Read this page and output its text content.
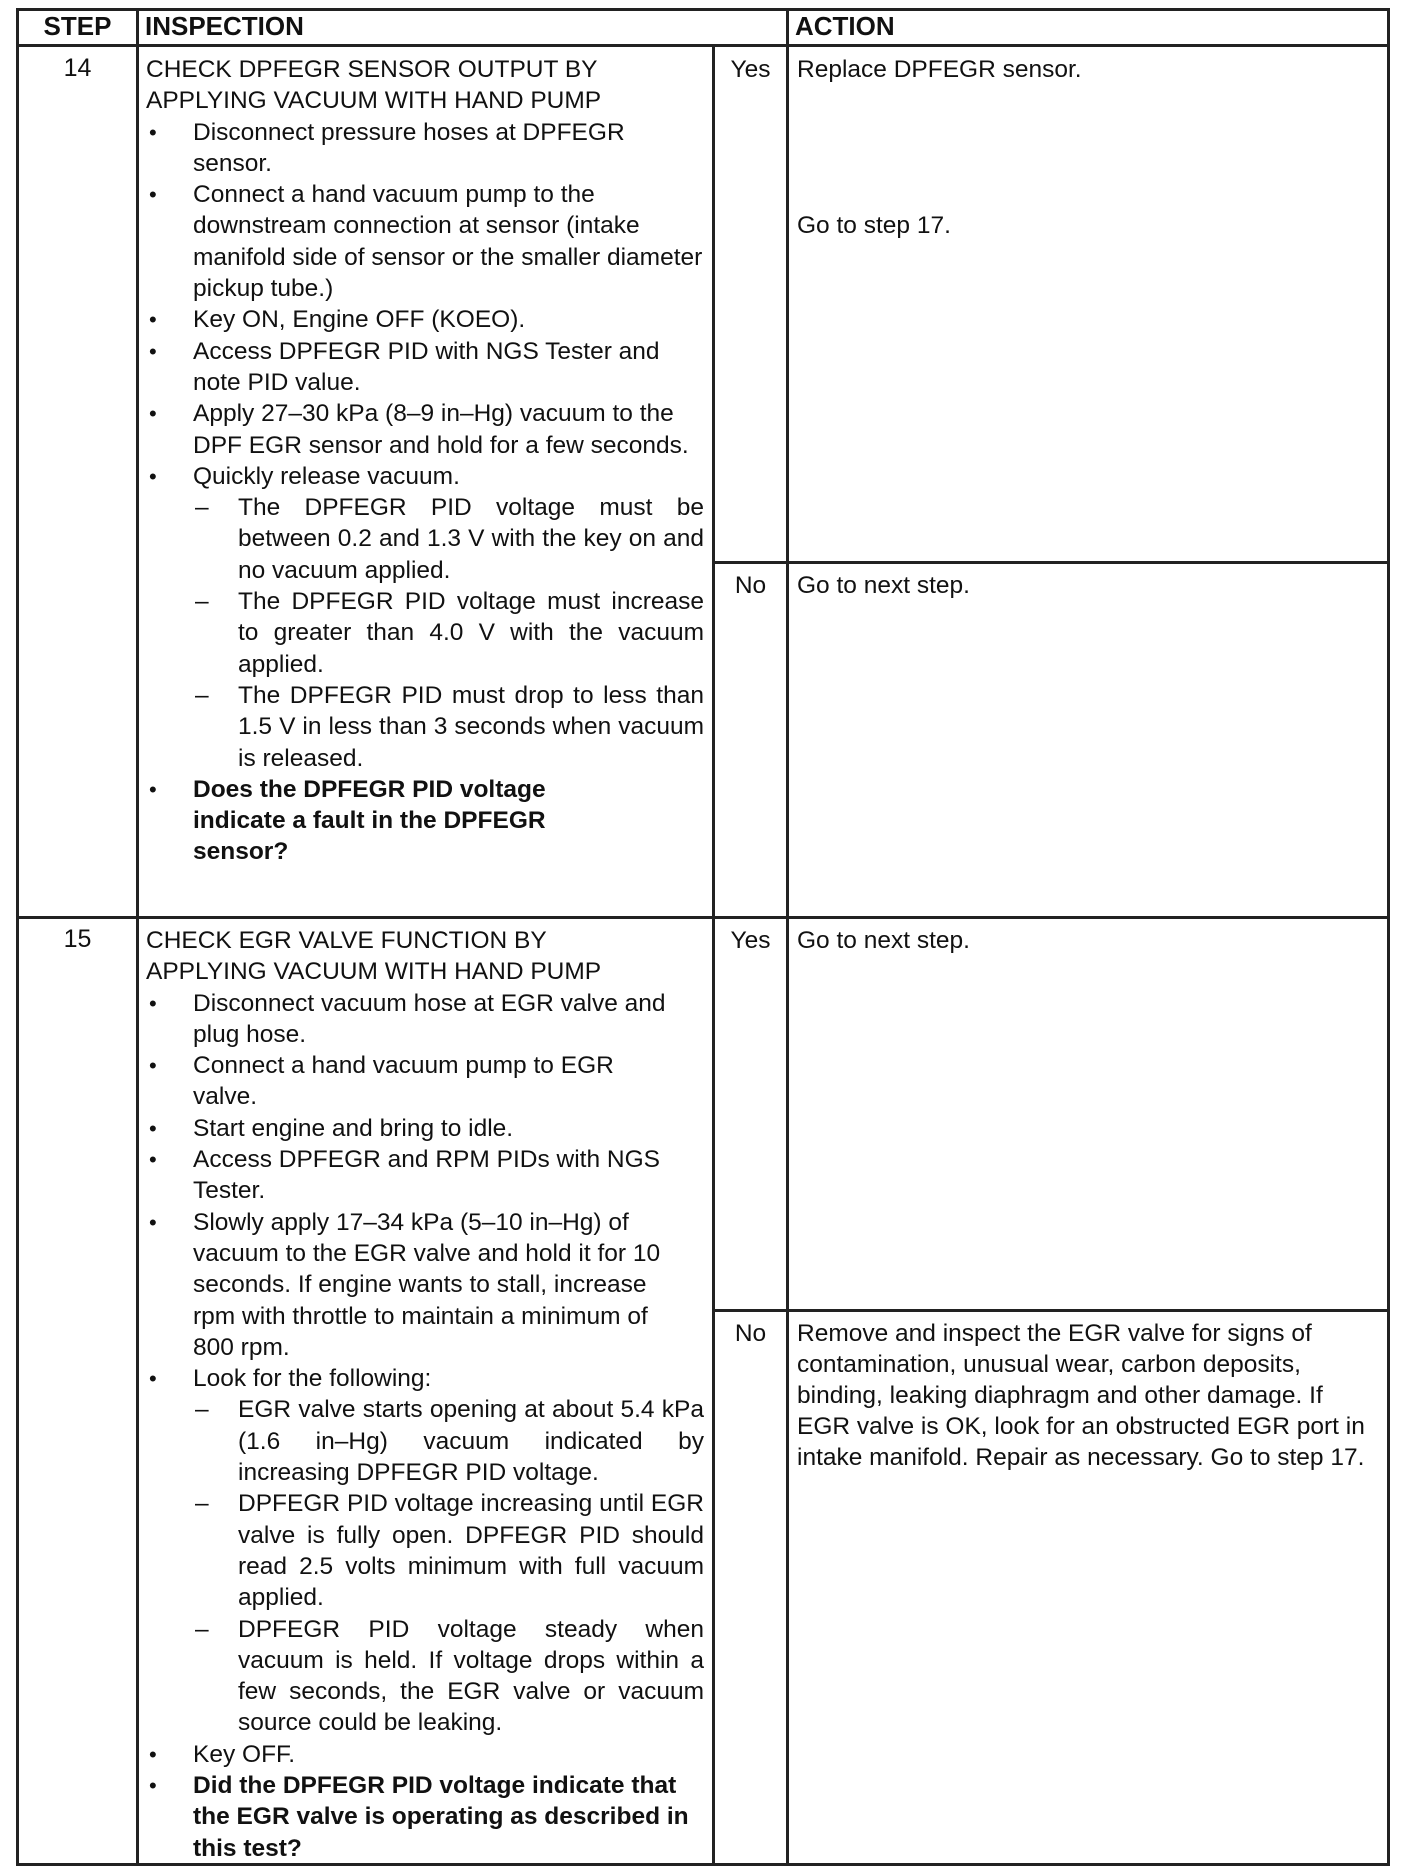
STEP	INSPECTION	ACTION
14	CHECK DPFEGR SENSOR OUTPUT BY APPLYING VACUUM WITH HAND PUMP
• Disconnect pressure hoses at DPFEGR sensor.
• Connect a hand vacuum pump to the downstream connection at sensor (intake manifold side of sensor or the smaller diameter pickup tube.)
• Key ON, Engine OFF (KOEO).
• Access DPFEGR PID with NGS Tester and note PID value.
• Apply 27–30 kPa (8–9 in–Hg) vacuum to the DPF EGR sensor and hold for a few seconds.
• Quickly release vacuum.
– The DPFEGR PID voltage must be between 0.2 and 1.3 V with the key on and no vacuum applied.
– The DPFEGR PID voltage must increase to greater than 4.0 V with the vacuum applied.
– The DPFEGR PID must drop to less than 1.5 V in less than 3 seconds when vacuum is released.
• Does the DPFEGR PID voltage indicate a fault in the DPFEGR sensor?
Yes	Replace DPFEGR sensor.
Go to step 17.
No	Go to next step.
15	CHECK EGR VALVE FUNCTION BY APPLYING VACUUM WITH HAND PUMP
• Disconnect vacuum hose at EGR valve and plug hose.
• Connect a hand vacuum pump to EGR valve.
• Start engine and bring to idle.
• Access DPFEGR and RPM PIDs with NGS Tester.
• Slowly apply 17–34 kPa (5–10 in–Hg) of vacuum to the EGR valve and hold it for 10 seconds. If engine wants to stall, increase rpm with throttle to maintain a minimum of 800 rpm.
• Look for the following:
– EGR valve starts opening at about 5.4 kPa (1.6 in–Hg) vacuum indicated by increasing DPFEGR PID voltage.
– DPFEGR PID voltage increasing until EGR valve is fully open. DPFEGR PID should read 2.5 volts minimum with full vacuum applied.
– DPFEGR PID voltage steady when vacuum is held. If voltage drops within a few seconds, the EGR valve or vacuum source could be leaking.
• Key OFF.
• Did the DPFEGR PID voltage indicate that the EGR valve is operating as described in this test?
Yes	Go to next step.
No	Remove and inspect the EGR valve for signs of contamination, unusual wear, carbon deposits, binding, leaking diaphragm and other damage. If EGR valve is OK, look for an obstructed EGR port in intake manifold. Repair as necessary. Go to step 17.
